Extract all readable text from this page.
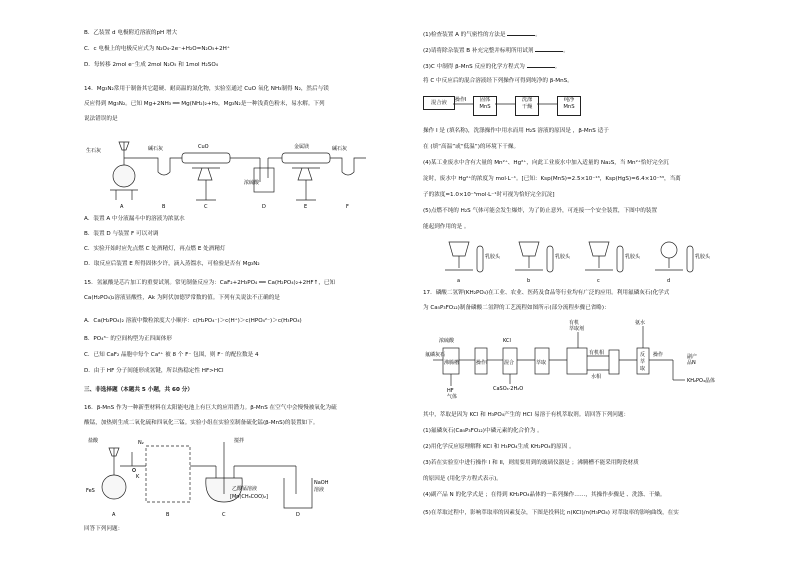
B．乙装置 d 电极附近溶液的pH 增大
C．c 电极上的电极反应式为 N₂O₄-2e⁻+H₂O=N₂O₅+2H⁺
D．每转移 2mol e⁻生成 2mol N₂O₅ 和 1mol H₂SO₄
14．Mg₃N₂常用于制备其它超硬、耐高温的氮化物，实验室通过 CuO 氧化 NH₃制得 N₂，然后与镁
反应得到 Mg₃N₂。已知 Mg+2NH₃ ══ Mg(NH₂)₂+H₂，Mg₃N₂是一种浅黄色粉末，易水解。下列
说法错误的是
生石灰	碱石灰	CuO
浓硫酸
金属镁	碱石灰
A	B	C	D	E	F
A．装置 A 中分液漏斗中的溶液为浓氨水
B．装置 D 与装置 F 可以对调
C．实验开始时应先点燃 C 处酒精灯，再点燃 E 处酒精灯
D．取反应后装置 E 所得固体少许，滴入蒸馏水，可检验是否有 Mg₃N₂
15．氢氟酸是芯片加工的重要试剂。常见制备反应为：CaF₂+2H₃PO₄ ══ Ca(H₂PO₄)₂+2HF↑，已知
Ca(H₂PO₄)₂溶液显酸性，Ak 为阿伏加德罗常数的值。下列有关说法不正确的是
A．Ca(H₂PO₄)₂ 溶液中微粒浓度大小顺序：c(H₂PO₄⁻)＞c(H⁺)＞c(HPO₄²⁻)＞c(H₃PO₄)
B．PO₄³⁻ 的空间构型为正四面体形
C．已知 CaF₂ 晶胞中每个 Ca²⁺ 被 8 个 F⁻ 包围，则 F⁻ 的配位数是 4
D．由于 HF 分子间能形成氢键，所以热稳定性 HF>HCl
三、非选择题（本题共 5 小题，共 60 分）
16．β-MnS 作为一种新型材料在太阳能电池上有巨大的应用潜力。β-MnS 在空气中会慢慢被氧化为硫
酸锰，加热则生成二氧化硫和四氧化三锰。实验小组在实验室制备硫化锰(β-MnS)的装置如下。
盐酸	N₂	搅拌
K
FeS	乙酸锰溶液
[Mn(CH₃COO)₂]
NaOH
溶液
A	B	C	D
回答下列问题：
(1)检查装置 A 的气密性的方法是	。
(2)请将除杂装置 B 补充完整并标明所用试剂	。
(3)C 中制得 β-MnS 反应的化学方程式为	。
将 C 中反应后的混合溶液经下列操作可得到纯净的 β-MnS。
混合液	固体
MnS
洗涤
干燥
纯净
MnS
操作I
操作 I 是 (填名称)，洗涤操作中用水而用 H₂S 溶液的原因是 ，β-MnS 适于
在 (填“高温”或“低温”)的环境下干燥。
(4)某工业废水中含有大量的 Mn²⁺、Hg²⁺，向此工业废水中加入适量的 Na₂S，当 Mn²⁺恰好完全沉
淀时，废水中 Hg²⁺的浓度为 mol·L⁻¹。[已知：Ksp(MnS)=2.5×10⁻¹³，Ksp(HgS)=6.4×10⁻⁵³，当离
子的浓度=1.0×10⁻⁵mol·L⁻¹时可视为恰好完全沉淀]
(5)点燃不纯的 H₂S 气体可能会发生爆炸，为了防止意外，可连接一个安全装置，下图中的装置
能起到作用的是 。
乳胶头	乳胶头	乳胶头	乳胶头
a	b	c	d
17．磷酸二氢钾(KH₂PO₄)在工业、农业、医药及食品等行业均有广泛的应用。利用氟磷灰石(化学式
为 Ca₅P₃FO₁₂)制备磷酸二氢钾的工艺流程如图所示(部分流程步骤已省略)：
氟磷灰石
浓硫酸
沸腾槽
HF
气体
操作I
KCl
混合
CaSO₄·2H₂O
有机
萃取剂
萃取
有机相
氨水
反
萃
取
操作	副产
品N
水相
KH₂PO₄晶体
其中，萃取是因为 KCl 和 H₃PO₄产生的 HCl 易溶于有机萃取剂。请回答下列问题：
(1)氟磷灰石(Ca₅P₃FO₁₂)中磷元素的化合价为 。
(2)用化学反应原理解释 KCl 和 H₃PO₄生成 KH₂PO₄的原因 。
(3)若在实验室中进行操作 I 和 II，则需要用到的玻璃仪器是 ；沸腾槽不能采用陶瓷材质
的原因是 (用化学方程式表示)。
(4)副产品 N 的化学式是 ；在得到 KH₂PO₄晶体的一系列操作……，其操作步骤是 、洗涤、干燥。
(5)在萃取过程中，影响萃取率的因素复杂，下图是投料比 n(KCl)/n(H₃PO₄) 对萃取率的影响曲线，在实
